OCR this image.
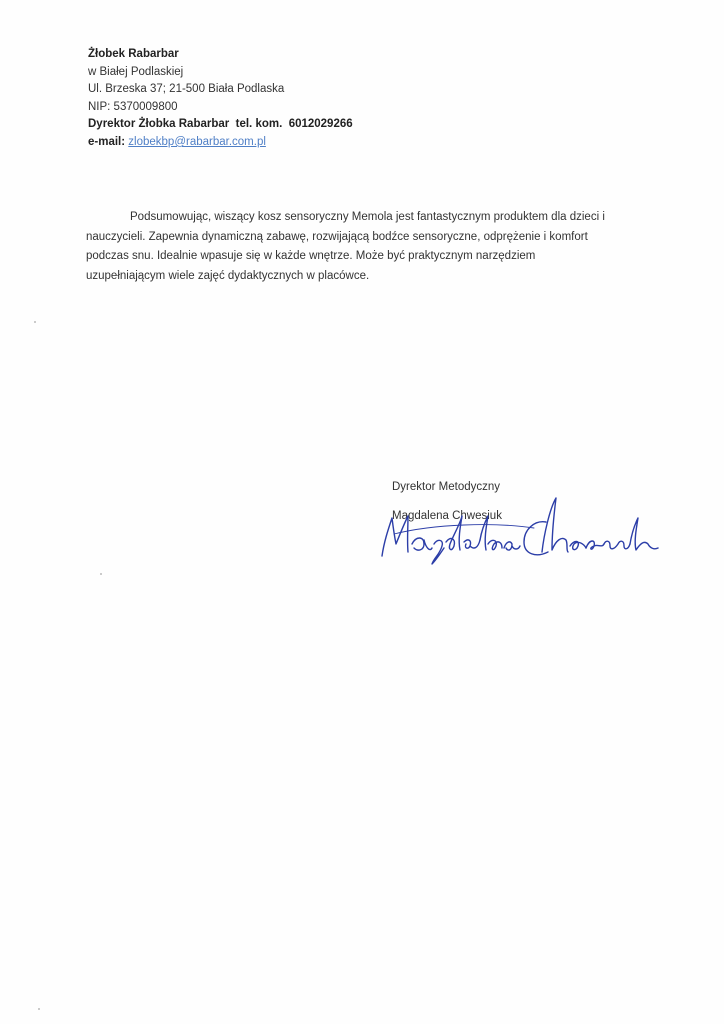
Żłobek Rabarbar
w Białej Podlaskiej
Ul. Brzeska 37; 21-500 Biała Podlaska
NIP: 5370009800
Dyrektor Żłobka Rabarbar tel. kom. 6012029266
e-mail: zlobekbp@rabarbar.com.pl

Podsumowując, wiszący kosz sensoryczny Memola jest fantastycznym produktem dla dzieci i

nauczycieli. Zapewnia dynamiczną zabawę, rozwijającą bodźce sensoryczne, odprężenie i komfort
podczas snu. Idealnie wpasuje się w każde wnętrze. Może być praktycznym narzędziem
uzupełniającym wiele zajęć dydaktycznych w placówce.
Dyrektor Metodyczny
Magdalena Chwesiuk
